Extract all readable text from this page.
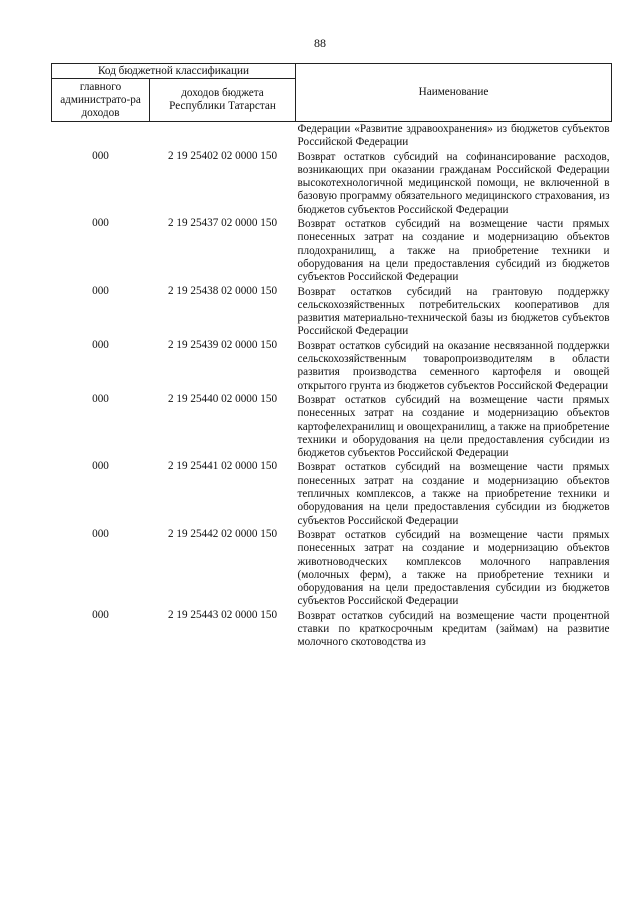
88
Код бюджетной классификации		Наименование
главного администрато-ра доходов	доходов бюджета Республики Татарстан	
		Федерации «Развитие здравоохранения» из бюджетов субъектов Российской Федерации
000	2 19 25402 02 0000 150	Возврат остатков субсидий на софинансирование расходов, возникающих при оказании гражданам Российской Федерации высокотехнологичной медицинской помощи, не включенной в базовую программу обязательного медицинского страхования, из бюджетов субъектов Российской Федерации
000	2 19 25437 02 0000 150	Возврат остатков субсидий на возмещение части прямых понесенных затрат на создание и модернизацию объектов плодохранилищ, а также на приобретение техники и оборудования на цели предоставления субсидий из бюджетов субъектов Российской Федерации
000	2 19 25438 02 0000 150	Возврат остатков субсидий на грантовую поддержку сельскохозяйственных потребительских кооперативов для развития материально-технической базы из бюджетов субъектов Российской Федерации
000	2 19 25439 02 0000 150	Возврат остатков субсидий на оказание несвязанной поддержки сельскохозяйственным товаропроизводителям в области развития производства семенного картофеля и овощей открытого грунта из бюджетов субъектов Российской Федерации
000	2 19 25440 02 0000 150	Возврат остатков субсидий на возмещение части прямых понесенных затрат на создание и модернизацию объектов картофелехранилищ и овощехранилищ, а также на приобретение техники и оборудования на цели предоставления субсидии из бюджетов субъектов Российской Федерации
000	2 19 25441 02 0000 150	Возврат остатков субсидий на возмещение части прямых понесенных затрат на создание и модернизацию объектов тепличных комплексов, а также на приобретение техники и оборудования на цели предоставления субсидии из бюджетов субъектов Российской Федерации
000	2 19 25442 02 0000 150	Возврат остатков субсидий на возмещение части прямых понесенных затрат на создание и модернизацию объектов животноводческих комплексов молочного направления (молочных ферм), а также на приобретение техники и оборудования на цели предоставления субсидии из бюджетов субъектов Российской Федерации
000	2 19 25443 02 0000 150	Возврат остатков субсидий на возмещение части процентной ставки по краткосрочным кредитам (займам) на развитие молочного скотоводства из
